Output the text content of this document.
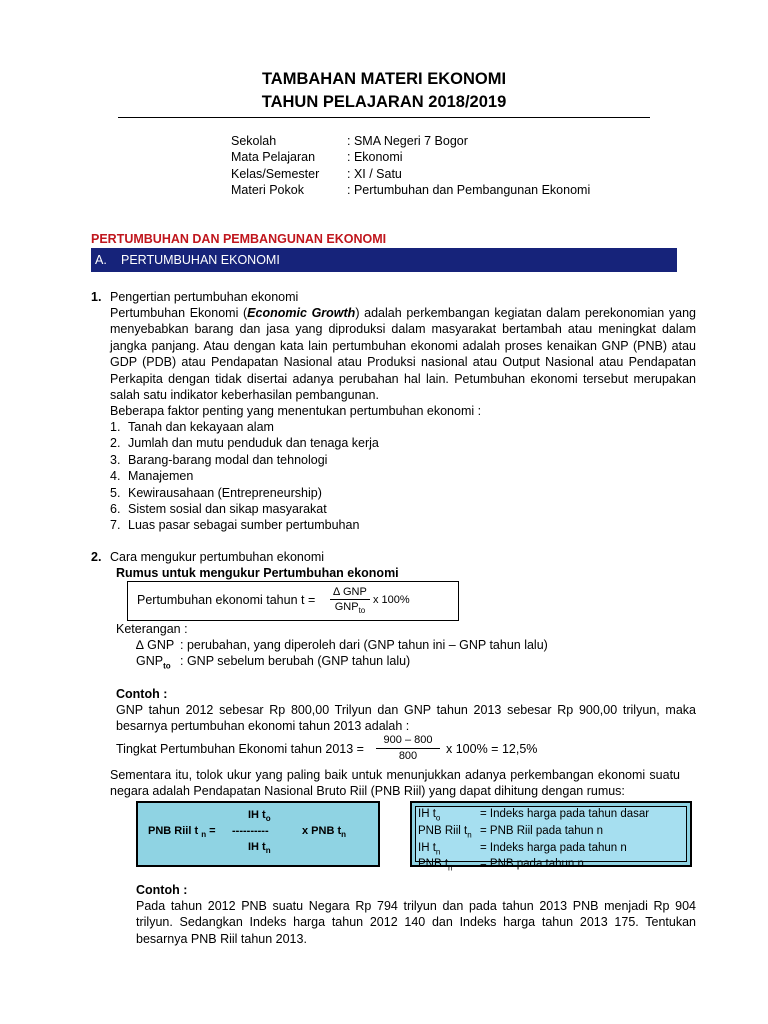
TAMBAHAN MATERI EKONOMI
TAHUN PELAJARAN 2018/2019
Sekolah	: SMA Negeri 7 Bogor
Mata Pelajaran	: Ekonomi
Kelas/Semester	: XI / Satu
Materi Pokok	: Pertumbuhan dan Pembangunan Ekonomi
PERTUMBUHAN DAN PEMBANGUNAN EKONOMI
A. PERTUMBUHAN EKONOMI
1. Pengertian pertumbuhan ekonomi
Pertumbuhan Ekonomi (Economic Growth) adalah perkembangan kegiatan dalam perekonomian yang menyebabkan barang dan jasa yang diproduksi dalam masyarakat bertambah atau meningkat dalam jangka panjang. Atau dengan kata lain pertumbuhan ekonomi adalah proses kenaikan GNP (PNB) atau GDP (PDB) atau Pendapatan Nasional atau Produksi nasional atau Output Nasional atau Pendapatan Perkapita dengan tidak disertai adanya perubahan hal lain. Petumbuhan ekonomi tersebut merupakan salah satu indikator keberhasilan pembangunan.
Beberapa faktor penting yang menentukan pertumbuhan ekonomi :
1. Tanah dan kekayaan alam
2. Jumlah dan mutu penduduk dan tenaga kerja
3. Barang-barang modal dan tehnologi
4. Manajemen
5. Kewirausahaan (Entrepreneurship)
6. Sistem sosial dan sikap masyarakat
7. Luas pasar sebagai sumber pertumbuhan
2. Cara mengukur pertumbuhan ekonomi
Rumus untuk mengukur Pertumbuhan ekonomi
Pertumbuhan ekonomi tahun t =
∆ GNP
$GNP_{to}$
x 100%
Keterangan :
∆ GNP : perubahan, yang diperoleh dari (GNP tahun ini – GNP tahun lalu)
$GNP_{to}$ : GNP sebelum berubah (GNP tahun lalu)
Contoh :
GNP tahun 2012 sebesar Rp 800,00 Trilyun dan GNP tahun 2013 sebesar Rp 900,00 trilyun, maka besarnya pertumbuhan ekonomi tahun 2013 adalah :
Tingkat Pertumbuhan Ekonomi tahun $2013 = \frac{900 - 800}{800}$ x 100% = 12,5%
Sementara itu, tolok ukur yang paling baik untuk menunjukkan adanya perkembangan ekonomi suatu negara adalah Pendapatan Nasional Bruto Riil (PNB Riil) yang dapat dihitung dengan rumus:
PNB Riil t $_n$ =
IH $t_o$
----------
IH $t_n$
x PNB $t_n$
IH $t_o$	= Indeks harga pada tahun dasar
PNB Riil $t_n$ = PNB Riil pada tahun n
IH $t_n$	= Indeks harga pada tahun n
PNB $t_n$	= PNB pada tahun n
Contoh :
Pada tahun 2012 PNB suatu Negara Rp 794 trilyun dan pada tahun 2013 PNB menjadi Rp 904 trilyun. Sedangkan Indeks harga tahun 2012 140 dan Indeks harga tahun 2013 175. Tentukan besarnya PNB Riil tahun 2013.
